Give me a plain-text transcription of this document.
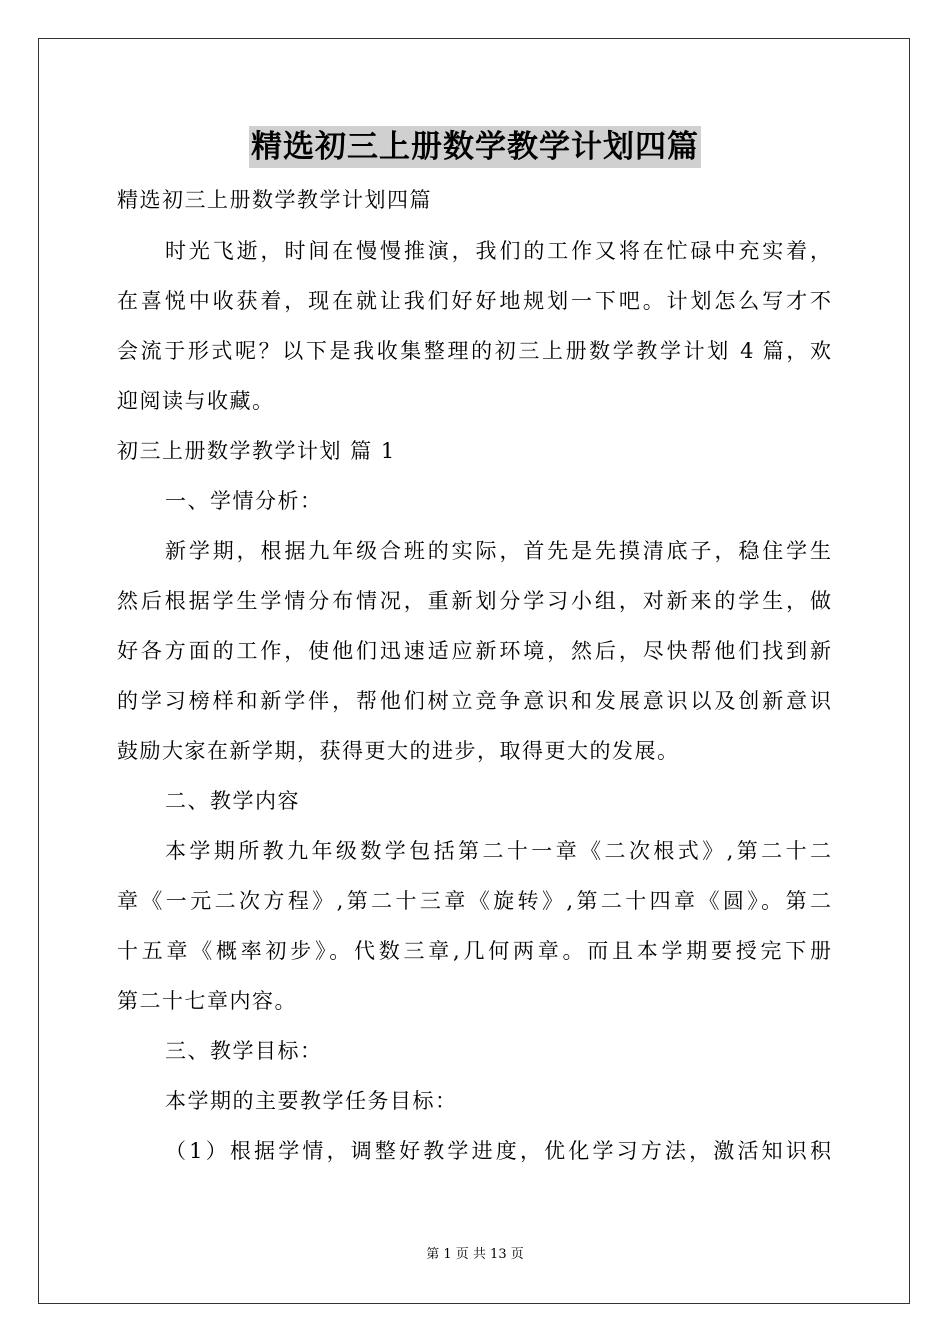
精选初三上册数学教学计划四篇
精选初三上册数学教学计划四篇
时光飞逝，时间在慢慢推演，我们的工作又将在忙碌中充实着，
在喜悦中收获着，现在就让我们好好地规划一下吧。计划怎么写才不
会流于形式呢？以下是我收集整理的初三上册数学教学计划 4 篇，欢
迎阅读与收藏。
初三上册数学教学计划 篇 1
一、学情分析：
新学期，根据九年级合班的实际，首先是先摸清底子，稳住学生
然后根据学生学情分布情况，重新划分学习小组，对新来的学生，做
好各方面的工作，使他们迅速适应新环境，然后，尽快帮他们找到新
的学习榜样和新学伴，帮他们树立竞争意识和发展意识以及创新意识
鼓励大家在新学期，获得更大的进步，取得更大的发展。
二、教学内容
本学期所教九年级数学包括第二十一章《二次根式》,第二十二
章《一元二次方程》,第二十三章《旋转》,第二十四章《圆》。第二
十五章《概率初步》。代数三章,几何两章。而且本学期要授完下册
第二十七章内容。
三、教学目标：
本学期的主要教学任务目标：
（1）根据学情，调整好教学进度，优化学习方法，激活知识积
第 1 页 共 13 页
